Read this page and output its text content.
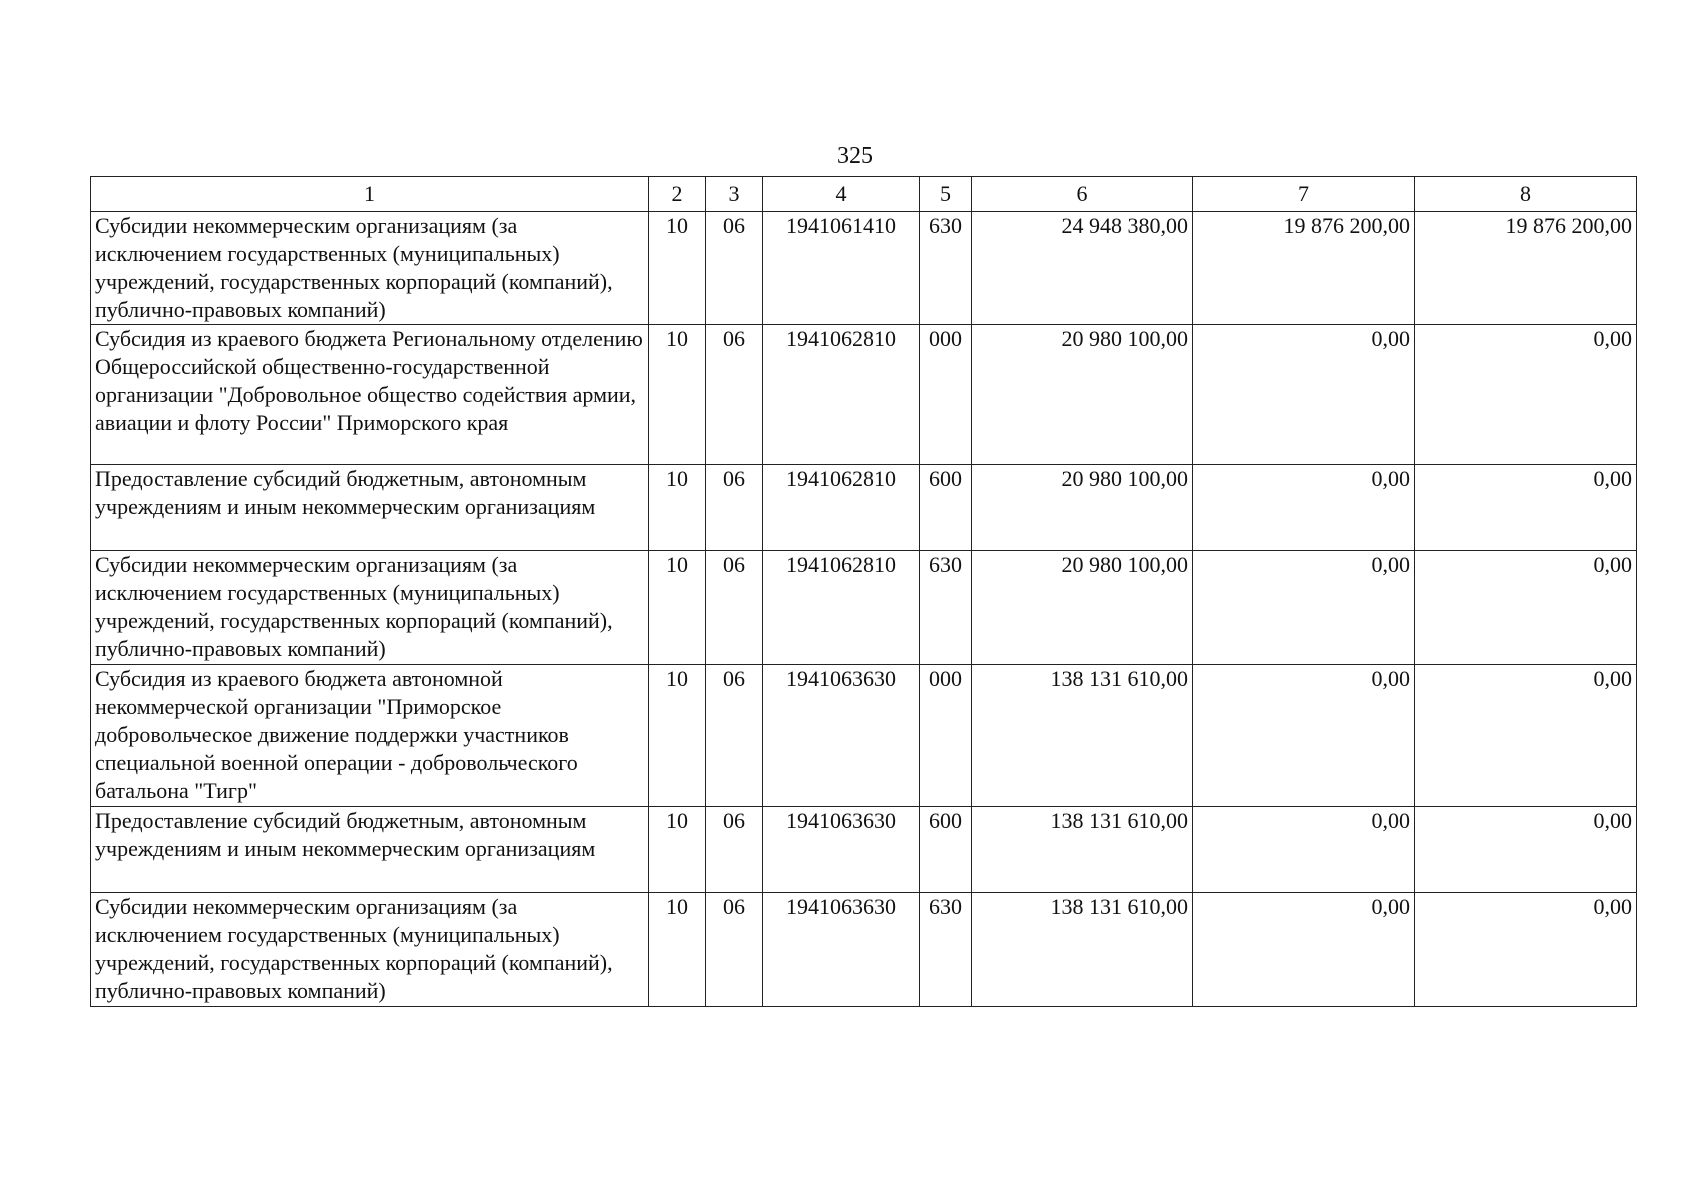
325
1	2	3	4	5	6	7	8
Субсидии некоммерческим организациям (за исключением государственных (муниципальных) учреждений, государственных корпораций (компаний), публично-правовых компаний)	10	06	1941061410	630	24 948 380,00	19 876 200,00	19 876 200,00
Субсидия из краевого бюджета Региональному отделению Общероссийской общественно-государственной организации "Добровольное общество содействия армии, авиации и флоту России" Приморского края	10	06	1941062810	000	20 980 100,00	0,00	0,00
Предоставление субсидий бюджетным, автономным учреждениям и иным некоммерческим организациям	10	06	1941062810	600	20 980 100,00	0,00	0,00
Субсидии некоммерческим организациям (за исключением государственных (муниципальных) учреждений, государственных корпораций (компаний), публично-правовых компаний)	10	06	1941062810	630	20 980 100,00	0,00	0,00
Субсидия из краевого бюджета автономной некоммерческой организации "Приморское добровольческое движение поддержки участников специальной военной операции - добровольческого батальона "Тигр"	10	06	1941063630	000	138 131 610,00	0,00	0,00
Предоставление субсидий бюджетным, автономным учреждениям и иным некоммерческим организациям	10	06	1941063630	600	138 131 610,00	0,00	0,00
Субсидии некоммерческим организациям (за исключением государственных (муниципальных) учреждений, государственных корпораций (компаний), публично-правовых компаний)	10	06	1941063630	630	138 131 610,00	0,00	0,00
